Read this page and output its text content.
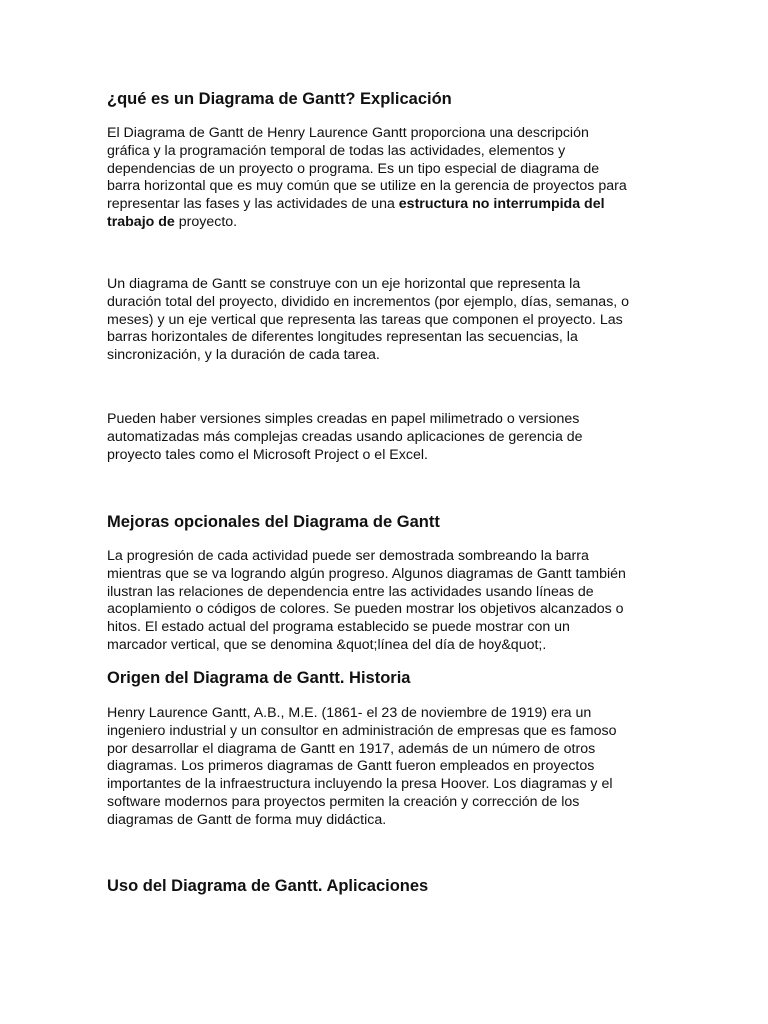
¿qué es un Diagrama de Gantt? Explicación

El Diagrama de Gantt de Henry Laurence Gantt proporciona una descripción
gráfica y la programación temporal de todas las actividades, elementos y
dependencias de un proyecto o programa. Es un tipo especial de diagrama de
barra horizontal que es muy común que se utilize en la gerencia de proyectos para
representar las fases y las actividades de una estructura no interrumpida del
trabajo de proyecto.

Un diagrama de Gantt se construye con un eje horizontal que representa la
duración total del proyecto, dividido en incrementos (por ejemplo, días, semanas, o
meses) y un eje vertical que representa las tareas que componen el proyecto. Las
barras horizontales de diferentes longitudes representan las secuencias, la
sincronización, y la duración de cada tarea.

Pueden haber versiones simples creadas en papel milimetrado o versiones
automatizadas más complejas creadas usando aplicaciones de gerencia de
proyecto tales como el Microsoft Project o el Excel.

Mejoras opcionales del Diagrama de Gantt

La progresión de cada actividad puede ser demostrada sombreando la barra
mientras que se va logrando algún progreso. Algunos diagramas de Gantt también
ilustran las relaciones de dependencia entre las actividades usando líneas de
acoplamiento o códigos de colores. Se pueden mostrar los objetivos alcanzados o
hitos. El estado actual del programa establecido se puede mostrar con un
marcador vertical, que se denomina &quot;línea del día de hoy&quot;.

Origen del Diagrama de Gantt. Historia

Henry Laurence Gantt, A.B., M.E. (1861- el 23 de noviembre de 1919) era un
ingeniero industrial y un consultor en administración de empresas que es famoso
por desarrollar el diagrama de Gantt en 1917, además de un número de otros
diagramas. Los primeros diagramas de Gantt fueron empleados en proyectos
importantes de la infraestructura incluyendo la presa Hoover. Los diagramas y el
software modernos para proyectos permiten la creación y corrección de los
diagramas de Gantt de forma muy didáctica.

Uso del Diagrama de Gantt. Aplicaciones
